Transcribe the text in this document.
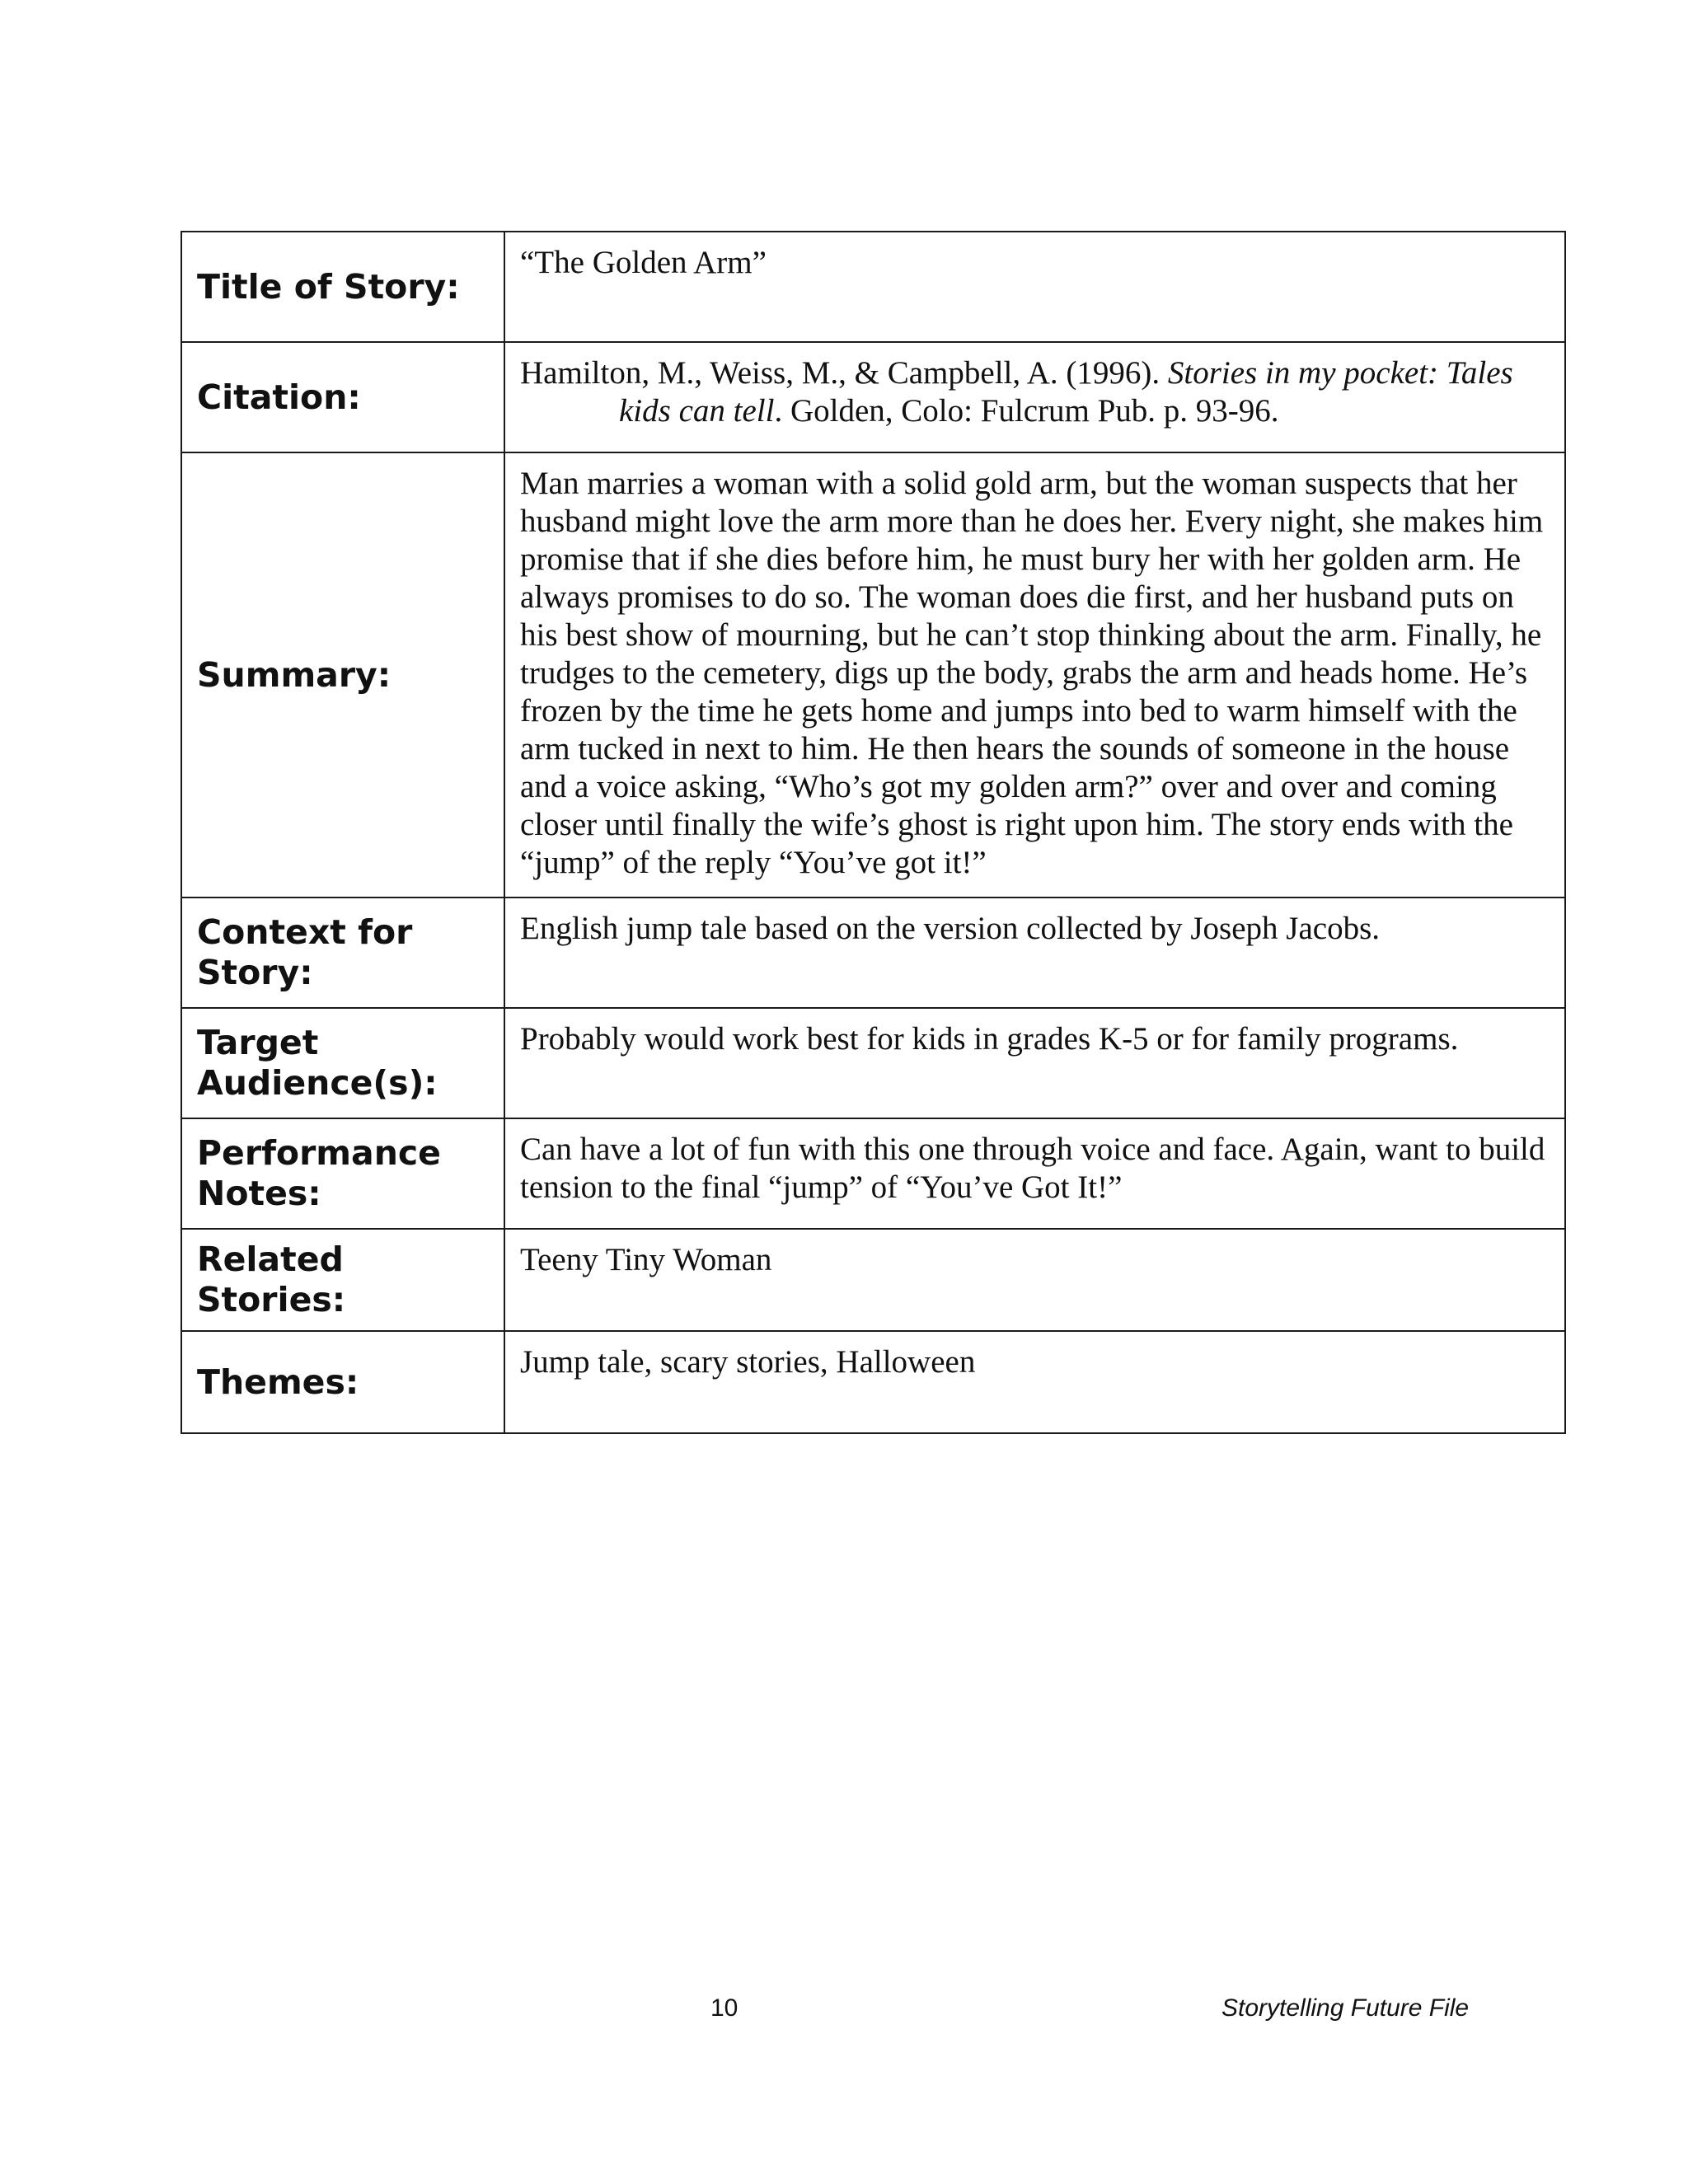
Title of Story:	“The Golden Arm”
Citation:	Hamilton, M., Weiss, M., & Campbell, A. (1996). Stories in my pocket: Tales kids can tell. Golden, Colo: Fulcrum Pub. p. 93-96.

Summary:	Man marries a woman with a solid gold arm, but the woman suspects that her husband might love the arm more than he does her. Every night, she makes him promise that if she dies before him, he must bury her with her golden arm. He always promises to do so. The woman does die first, and her husband puts on his best show of mourning, but he can’t stop thinking about the arm. Finally, he trudges to the cemetery, digs up the body, grabs the arm and heads home. He’s frozen by the time he gets home and jumps into bed to warm himself with the arm tucked in next to him. He then hears the sounds of someone in the house and a voice asking, “Who’s got my golden arm?” over and over and coming closer until finally the wife’s ghost is right upon him. The story ends with the “jump” of the reply “You’ve got it!”
Context for Story:	English jump tale based on the version collected by Joseph Jacobs.
Target Audience(s):	Probably would work best for kids in grades K-5 or for family programs.
Performance Notes:	Can have a lot of fun with this one through voice and face. Again, want to build tension to the final “jump” of “You’ve Got It!”
Related Stories:	Teeny Tiny Woman
Themes:	Jump tale, scary stories, Halloween
10	Storytelling Future File
